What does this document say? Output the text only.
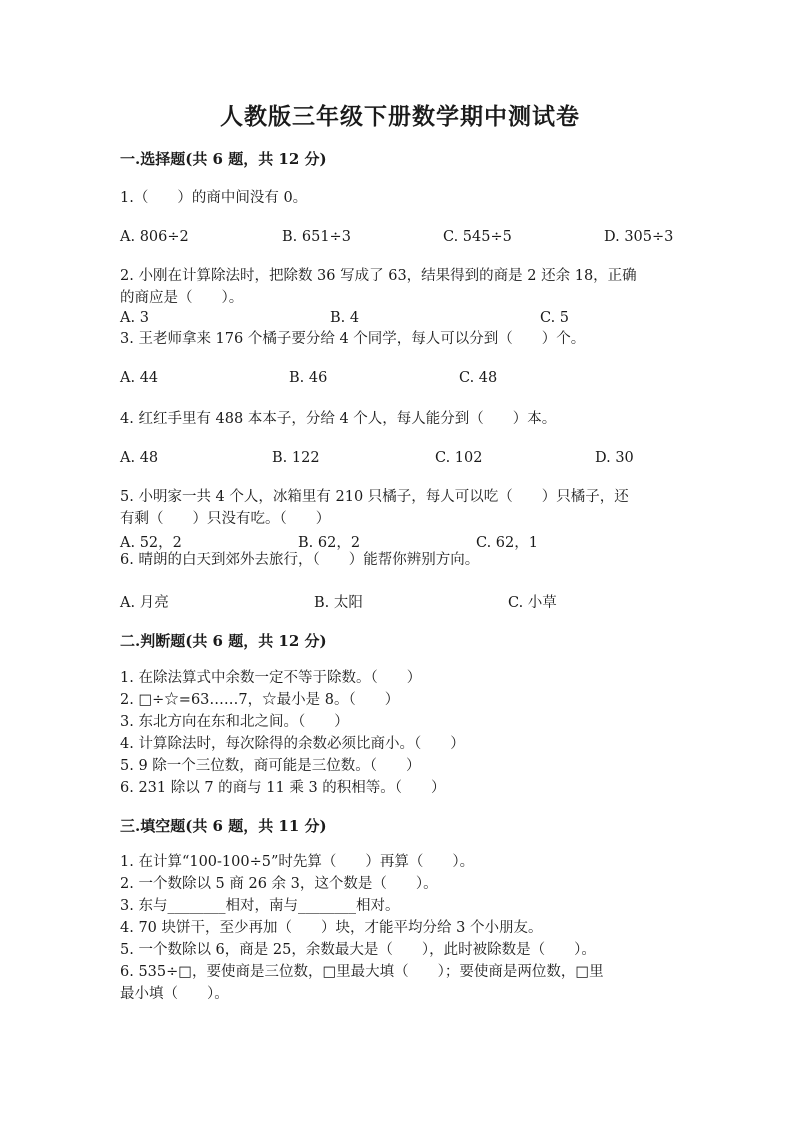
人教版三年级下册数学期中测试卷
一.选择题(共 6 题，共 12 分)
1.（　　）的商中间没有 0。
A. 806÷2	B. 651÷3	C. 545÷5	D. 305÷3
2. 小刚在计算除法时，把除数 36 写成了 63，结果得到的商是 2 还余 18，正确
的商应是（　　）。
A. 3	B. 4	C. 5
3. 王老师拿来 176 个橘子要分给 4 个同学，每人可以分到（　　）个。
A. 44	B. 46	C. 48
4. 红红手里有 488 本本子，分给 4 个人，每人能分到（　　）本。
A. 48	B. 122	C. 102	D. 30
5. 小明家一共 4 个人，冰箱里有 210 只橘子，每人可以吃（　　）只橘子，还
有剩（　　）只没有吃。（　　）
A. 52，2	B. 62，2	C. 62，1
6. 晴朗的白天到郊外去旅行，（　　）能帮你辨别方向。
A. 月亮	B. 太阳	C. 小草
二.判断题(共 6 题，共 12 分)
1. 在除法算式中余数一定不等于除数。（　　）
2. □÷☆=63……7，☆最小是 8。（　　）
3. 东北方向在东和北之间。（　　）
4. 计算除法时，每次除得的余数必须比商小。（　　）
5. 9 除一个三位数，商可能是三位数。（　　）
6. 231 除以 7 的商与 11 乘 3 的积相等。（　　）
三.填空题(共 6 题，共 11 分)
1. 在计算“100-100÷5”时先算（　　）再算（　　）。
2. 一个数除以 5 商 26 余 3，这个数是（　　）。
3. 东与________相对，南与________相对。
4. 70 块饼干，至少再加（　　）块，才能平均分给 3 个小朋友。
5. 一个数除以 6，商是 25，余数最大是（　　），此时被除数是（　　）。
6. 535÷□，要使商是三位数，□里最大填（　　）；要使商是两位数，□里
最小填（　　）。
